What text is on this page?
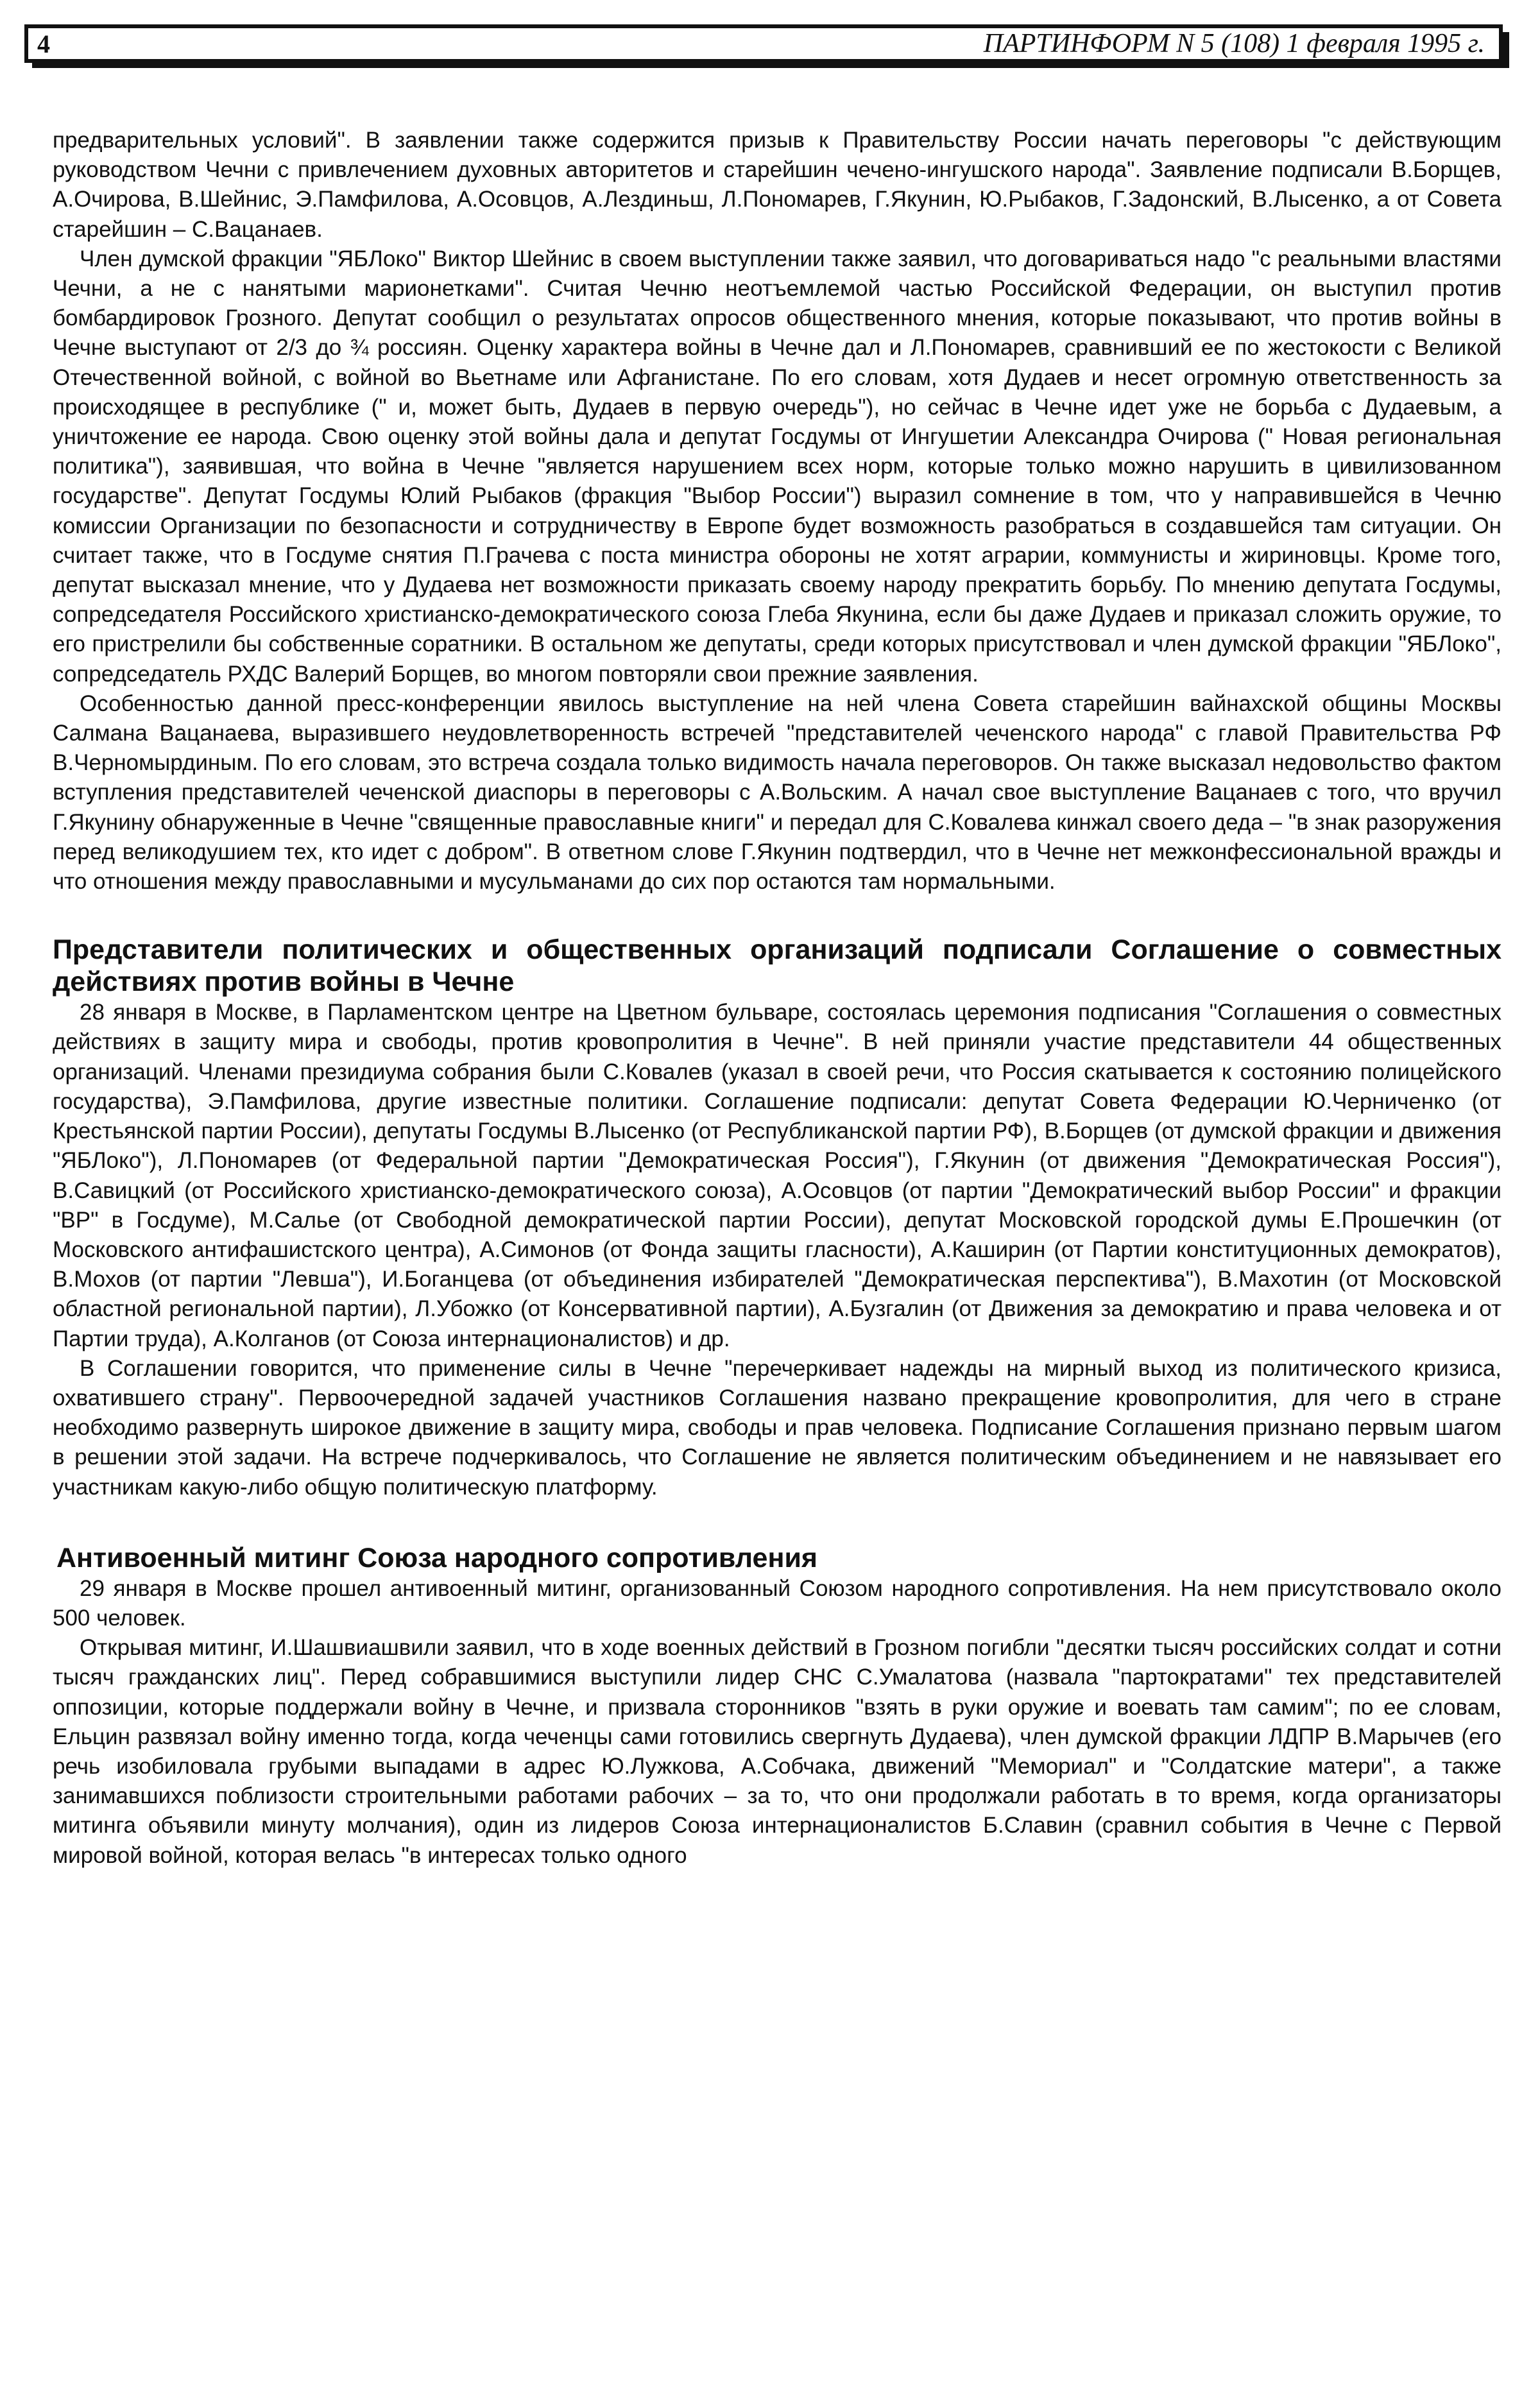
4	ПАРТИНФОРМ N 5 (108) 1 февраля 1995 г.

предварительных условий". В заявлении также содержится призыв к Правительству России начать переговоры "с действующим руководством Чечни с привлечением духовных авторитетов и старейшин чечено-ингушского народа". Заявление подписали В.Борщев, А.Очирова, В.Шейнис, Э.Памфилова, А.Осовцов, А.Лездиньш, Л.Пономарев, Г.Якунин, Ю.Рыбаков, Г.Задонский, В.Лысенко, а от Совета старейшин – С.Вацанаев.

Член думской фракции "ЯБЛоко" Виктор Шейнис в своем выступлении также заявил, что договариваться надо "с реальными властями Чечни, а не с нанятыми марионетками". Считая Чечню неотъемлемой частью Российской Федерации, он выступил против бомбардировок Грозного. Депутат сообщил о результатах опросов общественного мнения, которые показывают, что против войны в Чечне выступают от 2/3 до ¾ россиян. Оценку характера войны в Чечне дал и Л.Пономарев, сравнивший ее по жестокости с Великой Отечественной войной, с войной во Вьетнаме или Афганистане. По его словам, хотя Дудаев и несет огромную ответственность за происходящее в республике (" и, может быть, Дудаев в первую очередь"), но сейчас в Чечне идет уже не борьба с Дудаевым, а уничтожение ее народа. Свою оценку этой войны дала и депутат Госдумы от Ингушетии Александра Очирова (" Новая региональная политика"), заявившая, что война в Чечне "является нарушением всех норм, которые только можно нарушить в цивилизованном государстве". Депутат Госдумы Юлий Рыбаков (фракция "Выбор России") выразил сомнение в том, что у направившейся в Чечню комиссии Организации по безопасности и сотрудничеству в Европе будет возможность разобраться в создавшейся там ситуации. Он считает также, что в Госдуме снятия П.Грачева с поста министра обороны не хотят аграрии, коммунисты и жириновцы. Кроме того, депутат высказал мнение, что у Дудаева нет возможности приказать своему народу прекратить борьбу. По мнению депутата Госдумы, сопредседателя Российского христианско-демократического союза Глеба Якунина, если бы даже Дудаев и приказал сложить оружие, то его пристрелили бы собственные соратники. В остальном же депутаты, среди которых присутствовал и член думской фракции "ЯБЛоко", сопредседатель РХДС Валерий Борщев, во многом повторяли свои прежние заявления.

Особенностью данной пресс-конференции явилось выступление на ней члена Совета старейшин вайнахской общины Москвы Салмана Вацанаева, выразившего неудовлетворенность встречей "представителей чеченского народа" с главой Правительства РФ В.Черномырдиным. По его словам, это встреча создала только видимость начала переговоров. Он также высказал недовольство фактом вступления представителей чеченской диаспоры в переговоры с А.Вольским. А начал свое выступление Вацанаев с того, что вручил Г.Якунину обнаруженные в Чечне "священные православные книги" и передал для С.Ковалева кинжал своего деда – "в знак разоружения перед великодушием тех, кто идет с добром". В ответном слове Г.Якунин подтвердил, что в Чечне нет межконфессиональной вражды и что отношения между православными и мусульманами до сих пор остаются там нормальными.

Представители политических и общественных организаций подписали Соглашение о совместных действиях против войны в Чечне

28 января в Москве, в Парламентском центре на Цветном бульваре, состоялась церемония подписания "Соглашения о совместных действиях в защиту мира и свободы, против кровопролития в Чечне". В ней приняли участие представители 44 общественных организаций. Членами президиума собрания были С.Ковалев (указал в своей речи, что Россия скатывается к состоянию полицейского государства), Э.Памфилова, другие известные политики. Соглашение подписали: депутат Совета Федерации Ю.Черниченко (от Крестьянской партии России), депутаты Госдумы В.Лысенко (от Республиканской партии РФ), В.Борщев (от думской фракции и движения "ЯБЛоко"), Л.Пономарев (от Федеральной партии "Демократическая Россия"), Г.Якунин (от движения "Демократическая Россия"), В.Савицкий (от Российского христианско-демократического союза), А.Осовцов (от партии "Демократический выбор России" и фракции "ВР" в Госдуме), М.Салье (от Свободной демократической партии России), депутат Московской городской думы Е.Прошечкин (от Московского антифашистского центра), А.Симонов (от Фонда защиты гласности), А.Каширин (от Партии конституционных демократов), В.Мохов (от партии "Левша"), И.Боганцева (от объединения избирателей "Демократическая перспектива"), В.Махотин (от Московской областной региональной партии), Л.Убожко (от Консервативной партии), А.Бузгалин (от Движения за демократию и права человека и от Партии труда), А.Колганов (от Союза интернационалистов) и др.

В Соглашении говорится, что применение силы в Чечне "перечеркивает надежды на мирный выход из политического кризиса, охватившего страну". Первоочередной задачей участников Соглашения названо прекращение кровопролития, для чего в стране необходимо развернуть широкое движение в защиту мира, свободы и прав человека. Подписание Соглашения признано первым шагом в решении этой задачи. На встрече подчеркивалось, что Соглашение не является политическим объединением и не навязывает его участникам какую-либо общую политическую платформу.

Антивоенный митинг Союза народного сопротивления

29 января в Москве прошел антивоенный митинг, организованный Союзом народного сопротивления. На нем присутствовало около 500 человек.

Открывая митинг, И.Шашвиашвили заявил, что в ходе военных действий в Грозном погибли "десятки тысяч российских солдат и сотни тысяч гражданских лиц". Перед собравшимися выступили лидер СНС С.Умалатова (назвала "партократами" тех представителей оппозиции, которые поддержали войну в Чечне, и призвала сторонников "взять в руки оружие и воевать там самим"; по ее словам, Ельцин развязал войну именно тогда, когда чеченцы сами готовились свергнуть Дудаева), член думской фракции ЛДПР В.Марычев (его речь изобиловала грубыми выпадами в адрес Ю.Лужкова, А.Собчака, движений "Мемориал" и "Солдатские матери", а также занимавшихся поблизости строительными работами рабочих – за то, что они продолжали работать в то время, когда организаторы митинга объявили минуту молчания), один из лидеров Союза интернационалистов Б.Славин (сравнил события в Чечне с Первой мировой войной, которая велась "в интересах только одного
